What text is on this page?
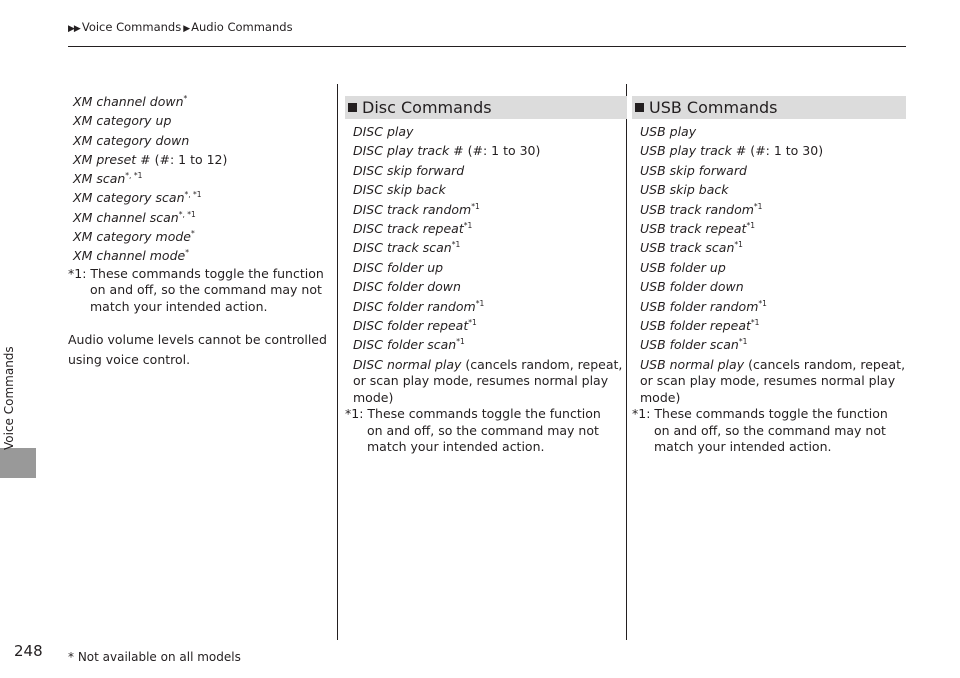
▶▶ Voice Commands ▶ Audio Commands
Voice Commands
XM channel down*
XM category up
XM category down
XM preset # (#: 1 to 12)
XM scan$^{*, *1}$
XM category scan$^{*, *1}$
XM channel scan$^{*, *1}$
XM category mode*
XM channel mode*
*1: These commands toggle the function
on and off, so the command may not match your intended action.
Audio volume levels cannot be controlled using voice control.
Disc Commands
DISC play
DISC play track # (#: 1 to 30)
DISC skip forward
DISC skip back
DISC track random$^{*1}$
DISC track repeat$^{*1}$
DISC track scan$^{*1}$
DISC folder up
DISC folder down
DISC folder random$^{*1}$
DISC folder repeat$^{*1}$
DISC folder scan$^{*1}$
DISC normal play (cancels random, repeat, or scan play mode, resumes normal play mode)
*1: These commands toggle the function
on and off, so the command may not match your intended action.
USB Commands
USB play
USB play track # (#: 1 to 30)
USB skip forward
USB skip back
USB track random$^{*1}$
USB track repeat$^{*1}$
USB track scan$^{*1}$
USB folder up
USB folder down
USB folder random$^{*1}$
USB folder repeat$^{*1}$
USB folder scan$^{*1}$
USB normal play (cancels random, repeat, or scan play mode, resumes normal play mode)
*1: These commands toggle the function
on and off, so the command may not match your intended action.
248 * Not available on all models
